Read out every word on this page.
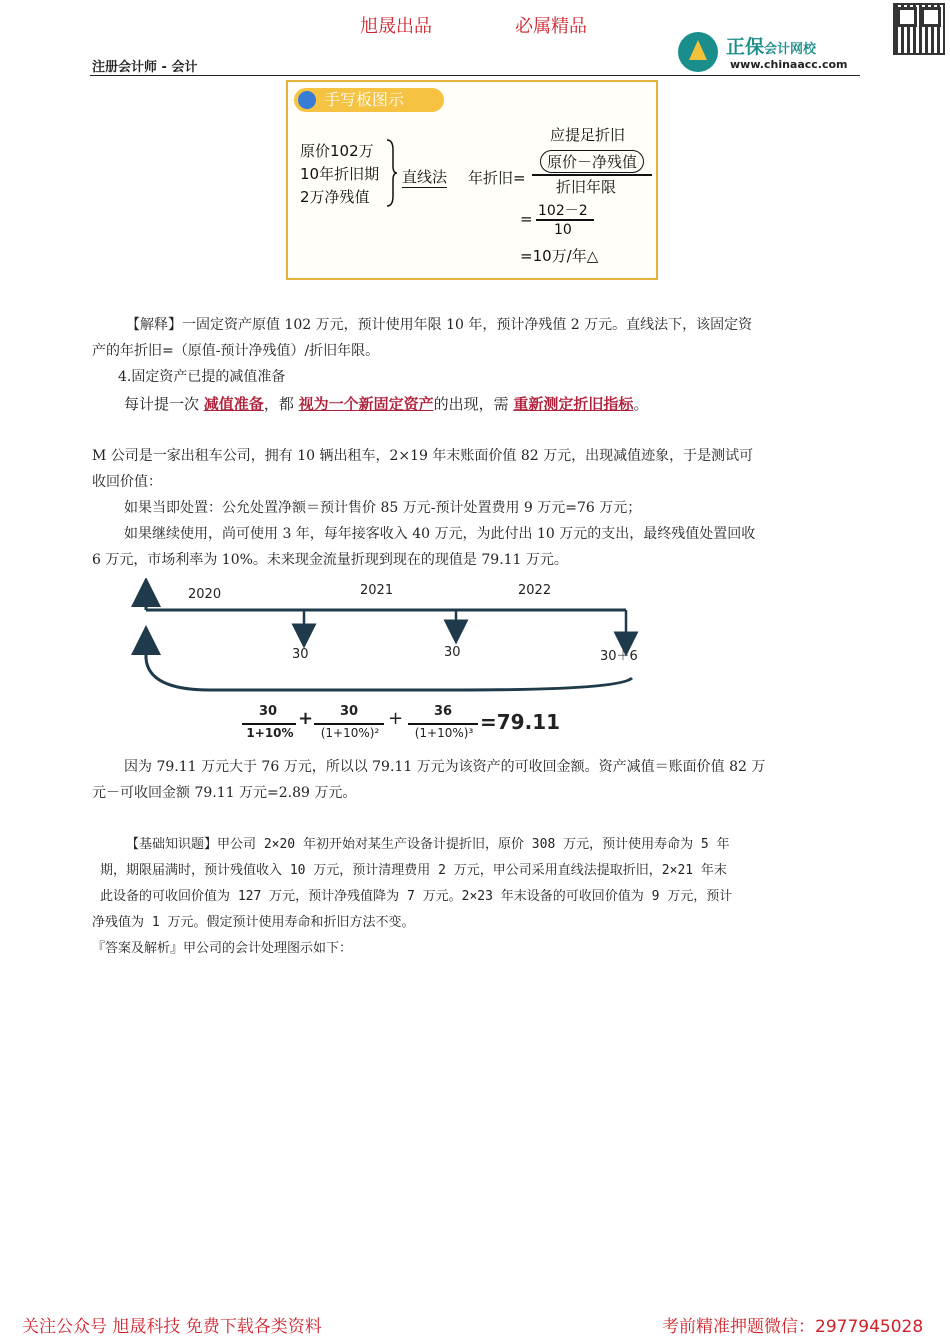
旭晟出品	必属精品
注册会计师 - 会计
正保会计网校
www.chinaacc.com
手写板图示
原价102万
10年折旧期
2万净残值
直线法 年折旧=
应提足折旧
原价－净残值
折旧年限
= 102－2
10
=10万/年△
【解释】一固定资产原值 102 万元，预计使用年限 10 年，预计净残值 2 万元。直线法下，该固定资
产的年折旧=（原值-预计净残值）/折旧年限。
4.固定资产已提的减值准备
每计提一次 减值准备，都 视为一个新固定资产的出现，需 重新测定折旧指标。
M 公司是一家出租车公司，拥有 10 辆出租车，2×19 年末账面价值 82 万元，出现减值迹象，于是测试可
收回价值：
如果当即处置：公允处置净额＝预计售价 85 万元-预计处置费用 9 万元=76 万元；
如果继续使用，尚可使用 3 年，每年接客收入 40 万元，为此付出 10 万元的支出，最终残值处置回收
6 万元，市场利率为 10%。未来现金流量折现到现在的现值是 79.11 万元。
2020	2021	2022
30	30	30＋6
30
1+10%
+	30
(1+10%)²
+	36
(1+10%)³ =79.11
因为 79.11 万元大于 76 万元，所以以 79.11 万元为该资产的可收回金额。资产减值＝账面价值 82 万
元－可收回金额 79.11 万元=2.89 万元。
【基础知识题】甲公司 2×20 年初开始对某生产设备计提折旧，原价 308 万元，预计使用寿命为 5 年
期，期限届满时，预计残值收入 10 万元，预计清理费用 2 万元，甲公司采用直线法提取折旧，2×21 年末
此设备的可收回价值为 127 万元，预计净残值降为 7 万元。2×23 年末设备的可收回价值为 9 万元，预计
净残值为 1 万元。假定预计使用寿命和折旧方法不变。
『答案及解析』甲公司的会计处理图示如下：
关注公众号 旭晟科技 免费下载各类资料	考前精准押题微信：2977945028
